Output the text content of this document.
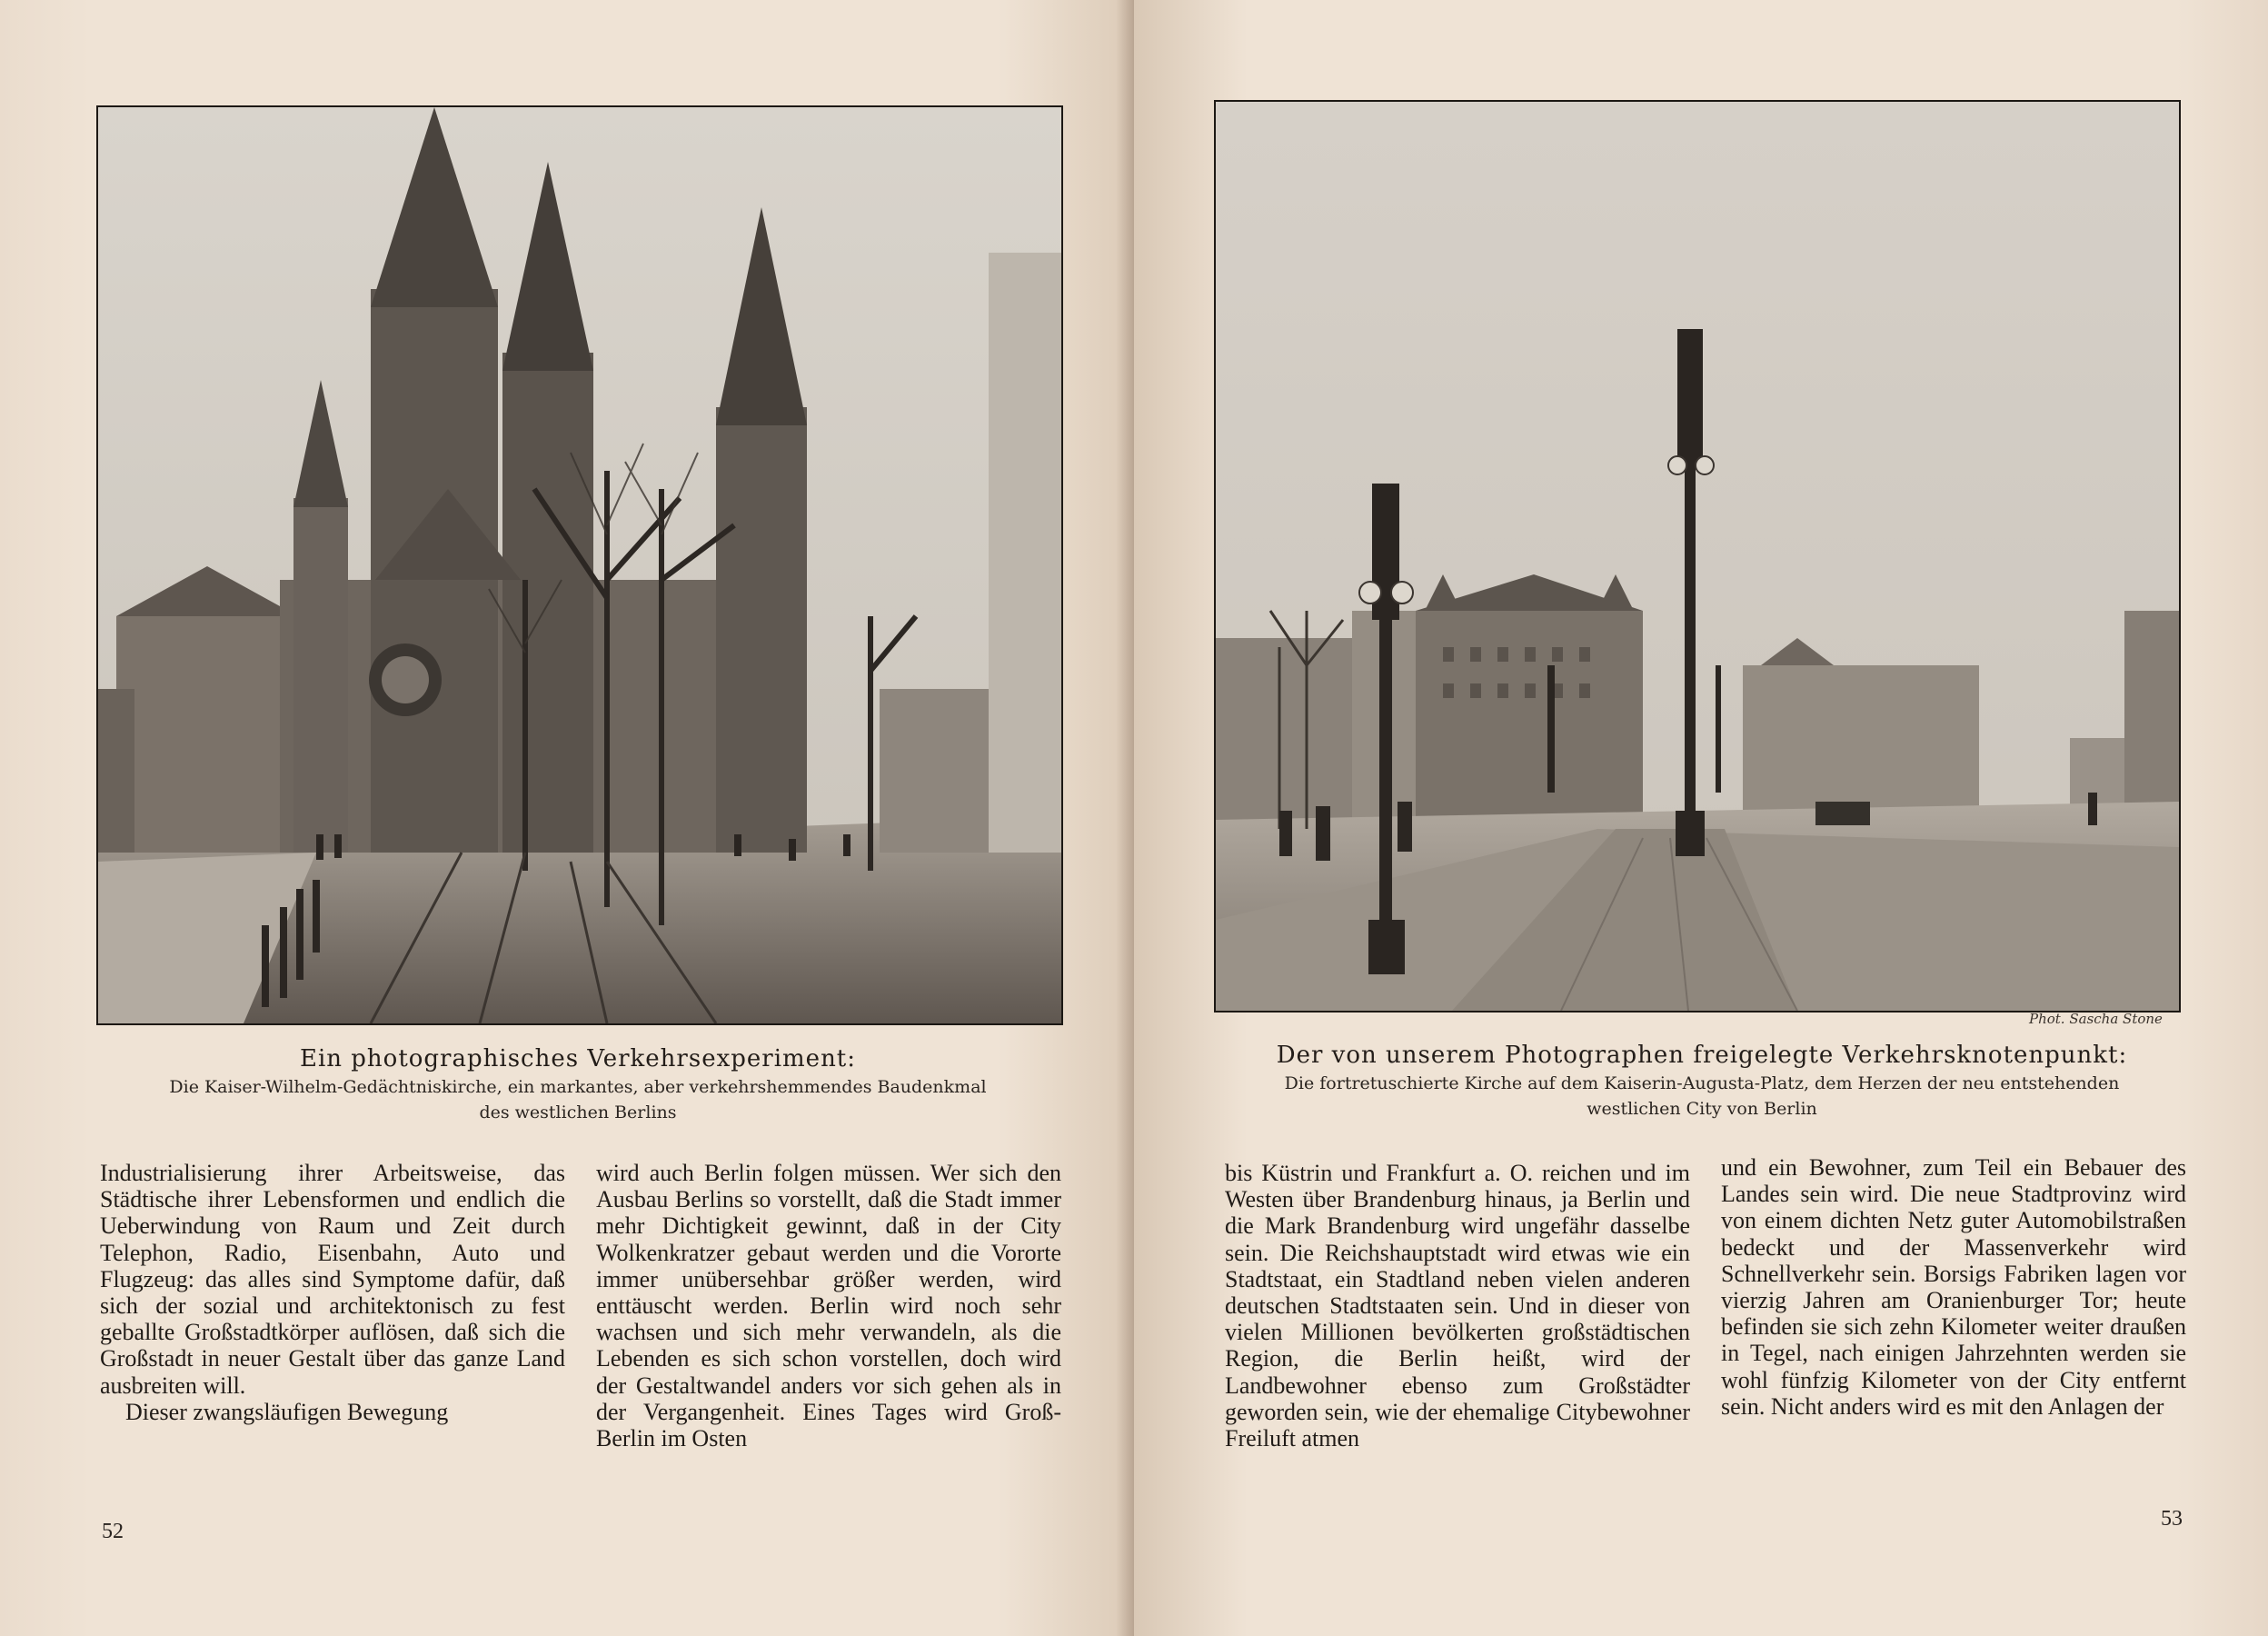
Ein photographisches Verkehrsexperiment:
Die Kaiser-Wilhelm-Gedächtniskirche, ein markantes, aber verkehrshemmendes Baudenkmal
des westlichen Berlins

Industrialisierung ihrer Arbeitsweise, das Städtische ihrer Lebensformen und endlich die Ueberwindung von Raum und Zeit durch Telephon, Radio, Eisenbahn, Auto und Flugzeug: das alles sind Symptome dafür, daß sich der sozial und architektonisch zu fest geballte Großstadtkörper auflösen, daß sich die Großstadt in neuer Gestalt über das ganze Land ausbreiten will.

Dieser zwangsläufigen Bewegung

wird auch Berlin folgen müssen. Wer sich den Ausbau Berlins so vorstellt, daß die Stadt immer mehr Dichtigkeit gewinnt, daß in der City Wolkenkratzer gebaut werden und die Vororte immer unübersehbar größer werden, wird enttäuscht werden. Berlin wird noch sehr wachsen und sich mehr verwandeln, als die Lebenden es sich schon vorstellen, doch wird der Gestaltwandel anders vor sich gehen als in der Vergangenheit. Eines Tages wird Groß-Berlin im Osten

52
Phot. Sascha Stone
Der von unserem Photographen freigelegte Verkehrsknotenpunkt:
Die fortretuschierte Kirche auf dem Kaiserin-Augusta-Platz, dem Herzen der neu entstehenden
westlichen City von Berlin

bis Küstrin und Frankfurt a. O. reichen und im Westen über Brandenburg hinaus, ja Berlin und die Mark Brandenburg wird ungefähr dasselbe sein. Die Reichshauptstadt wird etwas wie ein Stadtstaat, ein Stadtland neben vielen anderen deutschen Stadtstaaten sein. Und in dieser von vielen Millionen bevölkerten großstädtischen Region, die Berlin heißt, wird der Landbewohner ebenso zum Großstädter geworden sein, wie der ehemalige Citybewohner Freiluft atmen

und ein Bewohner, zum Teil ein Bebauer des Landes sein wird. Die neue Stadtprovinz wird von einem dichten Netz guter Automobilstraßen bedeckt und der Massenverkehr wird Schnellverkehr sein. Borsigs Fabriken lagen vor vierzig Jahren am Oranienburger Tor; heute befinden sie sich zehn Kilometer weiter draußen in Tegel, nach einigen Jahrzehnten werden sie wohl fünfzig Kilometer von der City entfernt sein. Nicht anders wird es mit den Anlagen der

53
